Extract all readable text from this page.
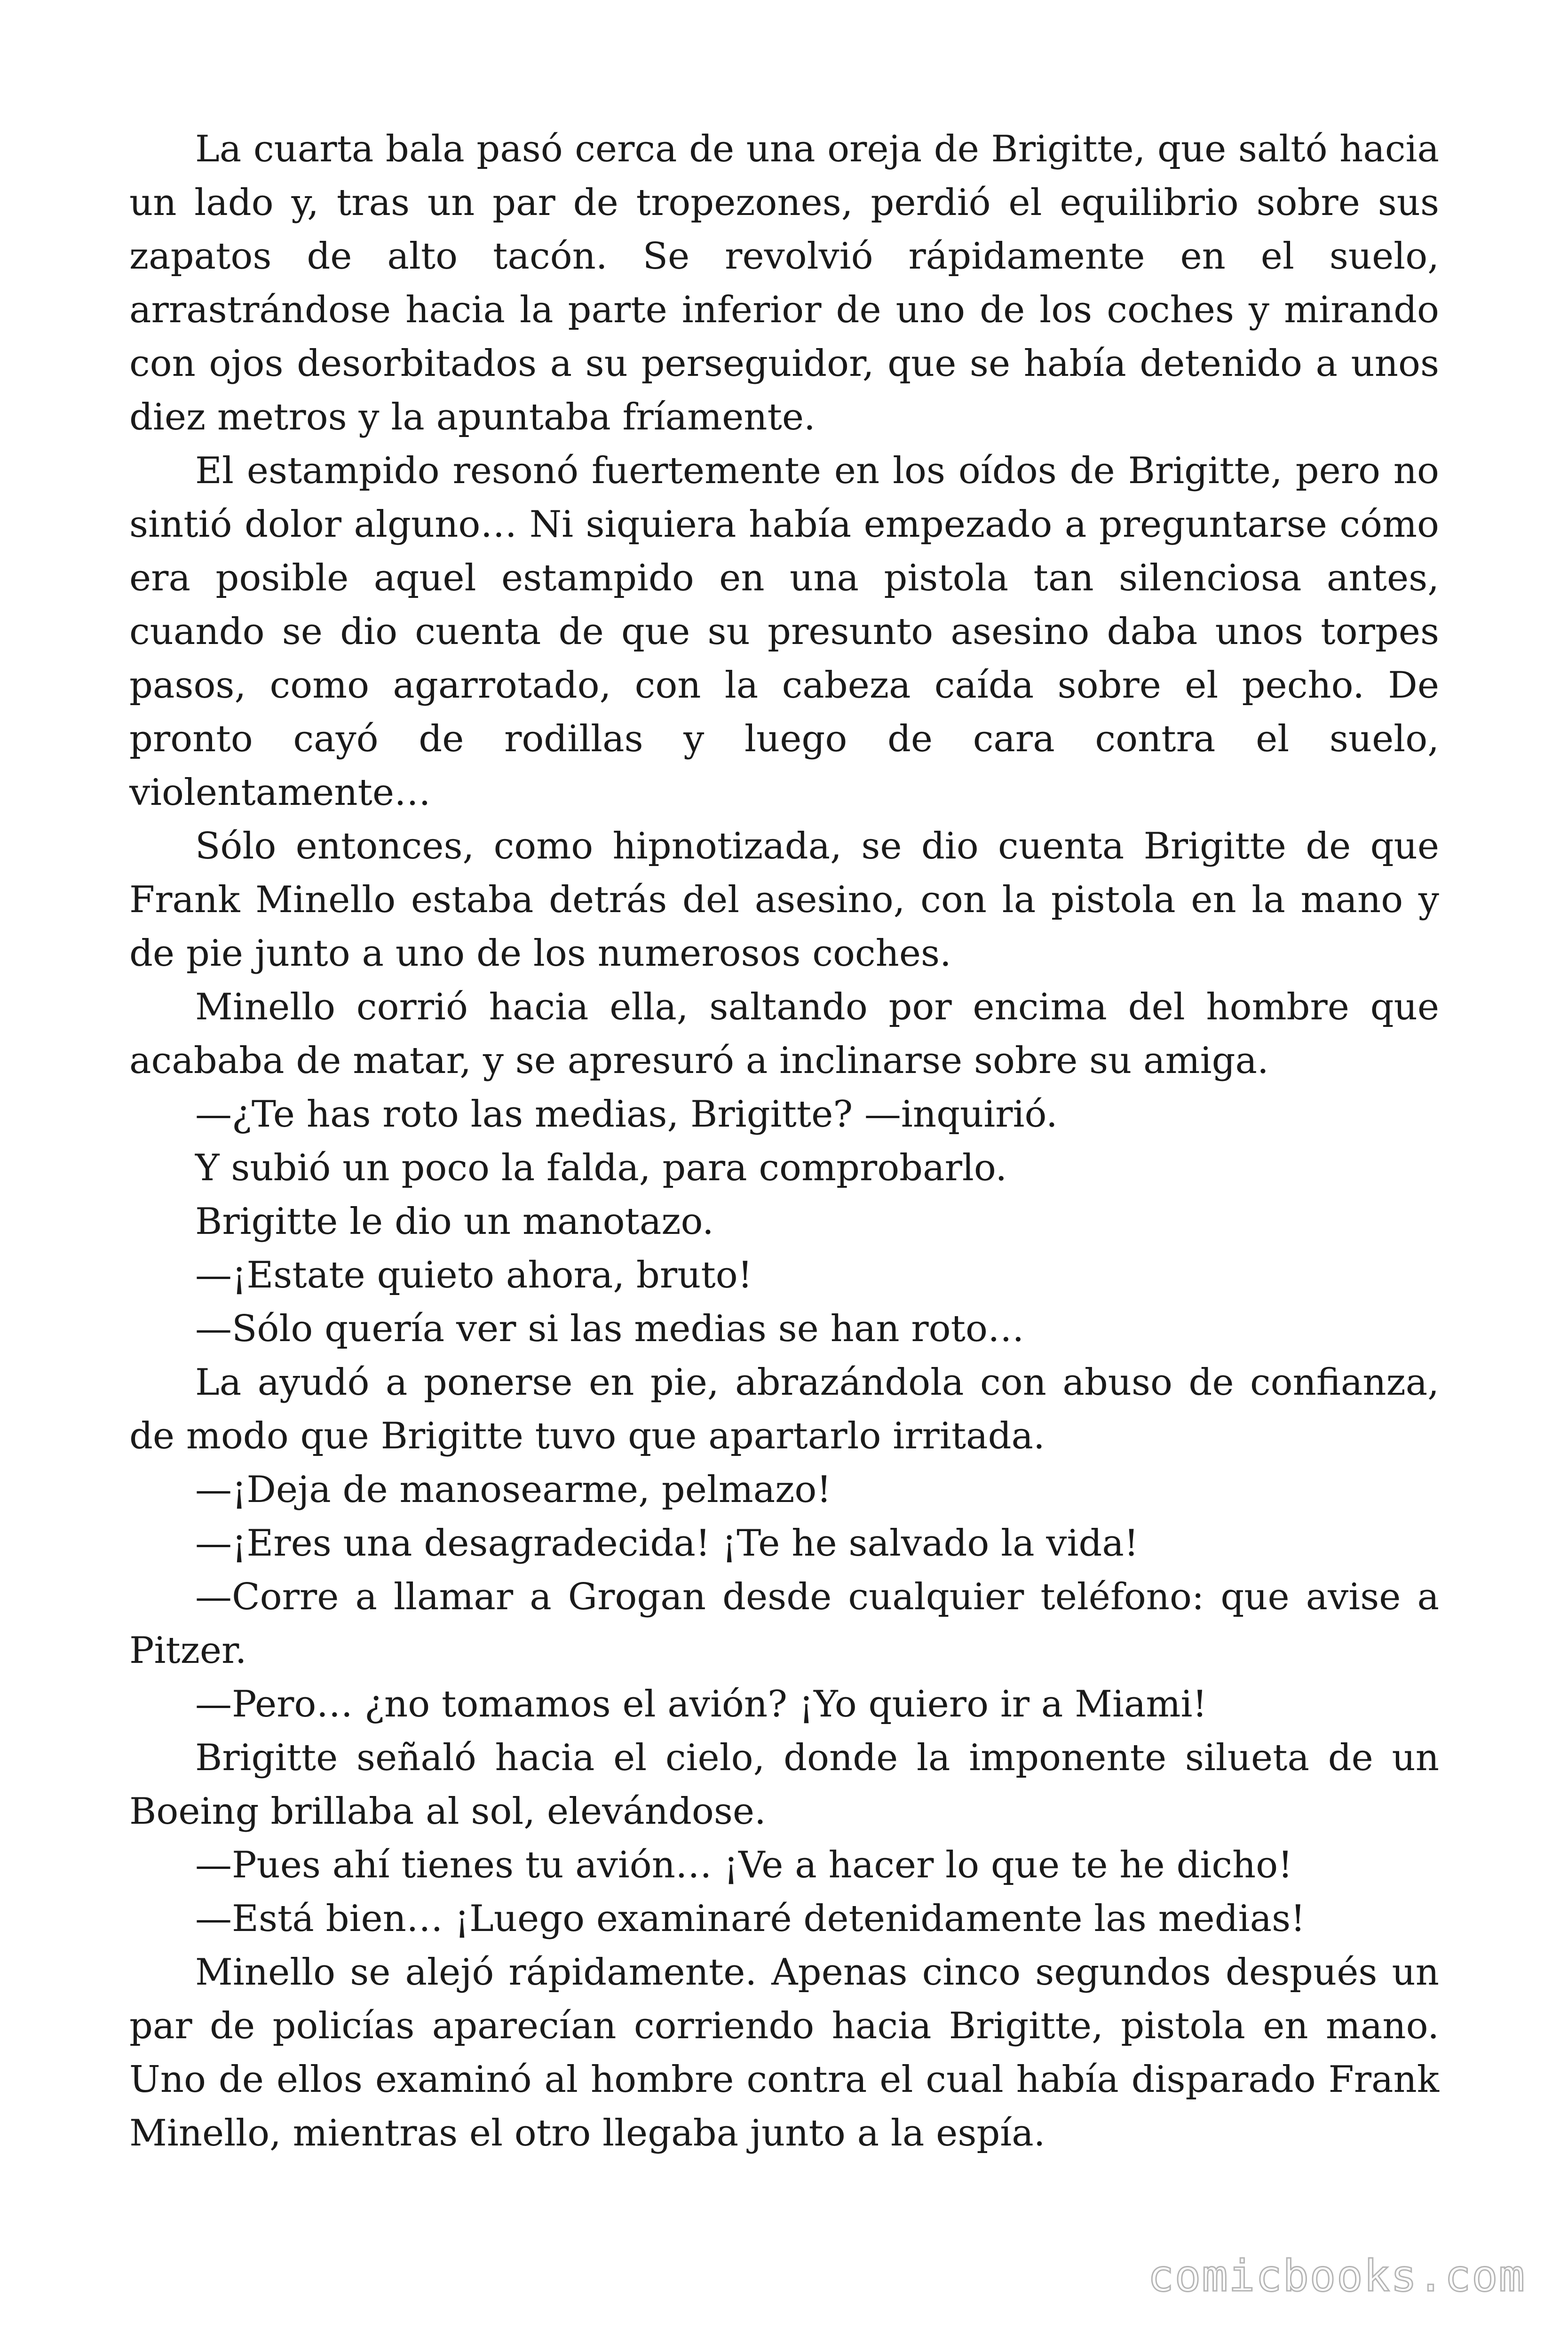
La cuarta bala pasó cerca de una oreja de Brigitte, que saltó hacia un lado y, tras un par de tropezones, perdió el equilibrio sobre sus zapatos de alto tacón. Se revolvió rápidamente en el suelo, arrastrándose hacia la parte inferior de uno de los coches y mirando con ojos desorbitados a su perseguidor, que se había detenido a unos diez metros y la apuntaba fríamente.

El estampido resonó fuertemente en los oídos de Brigitte, pero no sintió dolor alguno… Ni siquiera había empezado a preguntarse cómo era posible aquel estampido en una pistola tan silenciosa antes, cuando se dio cuenta de que su presunto asesino daba unos torpes pasos, como agarrotado, con la cabeza caída sobre el pecho. De pronto cayó de rodillas y luego de cara contra el suelo, violentamente…

Sólo entonces, como hipnotizada, se dio cuenta Brigitte de que Frank Minello estaba detrás del asesino, con la pistola en la mano y de pie junto a uno de los numerosos coches.

Minello corrió hacia ella, saltando por encima del hombre que acababa de matar, y se apresuró a inclinarse sobre su amiga.

—¿Te has roto las medias, Brigitte? —inquirió.

Y subió un poco la falda, para comprobarlo.

Brigitte le dio un manotazo.

—¡Estate quieto ahora, bruto!

—Sólo quería ver si las medias se han roto…

La ayudó a ponerse en pie, abrazándola con abuso de confianza, de modo que Brigitte tuvo que apartarlo irritada.

—¡Deja de manosearme, pelmazo!

—¡Eres una desagradecida! ¡Te he salvado la vida!

—Corre a llamar a Grogan desde cualquier teléfono: que avise a Pitzer.

—Pero… ¿no tomamos el avión? ¡Yo quiero ir a Miami!

Brigitte señaló hacia el cielo, donde la imponente silueta de un Boeing brillaba al sol, elevándose.

—Pues ahí tienes tu avión… ¡Ve a hacer lo que te he dicho!

—Está bien… ¡Luego examinaré detenidamente las medias!

Minello se alejó rápidamente. Apenas cinco segundos después un par de policías aparecían corriendo hacia Brigitte, pistola en mano. Uno de ellos examinó al hombre contra el cual había disparado Frank Minello, mientras el otro llegaba junto a la espía.

comicbooks.com
